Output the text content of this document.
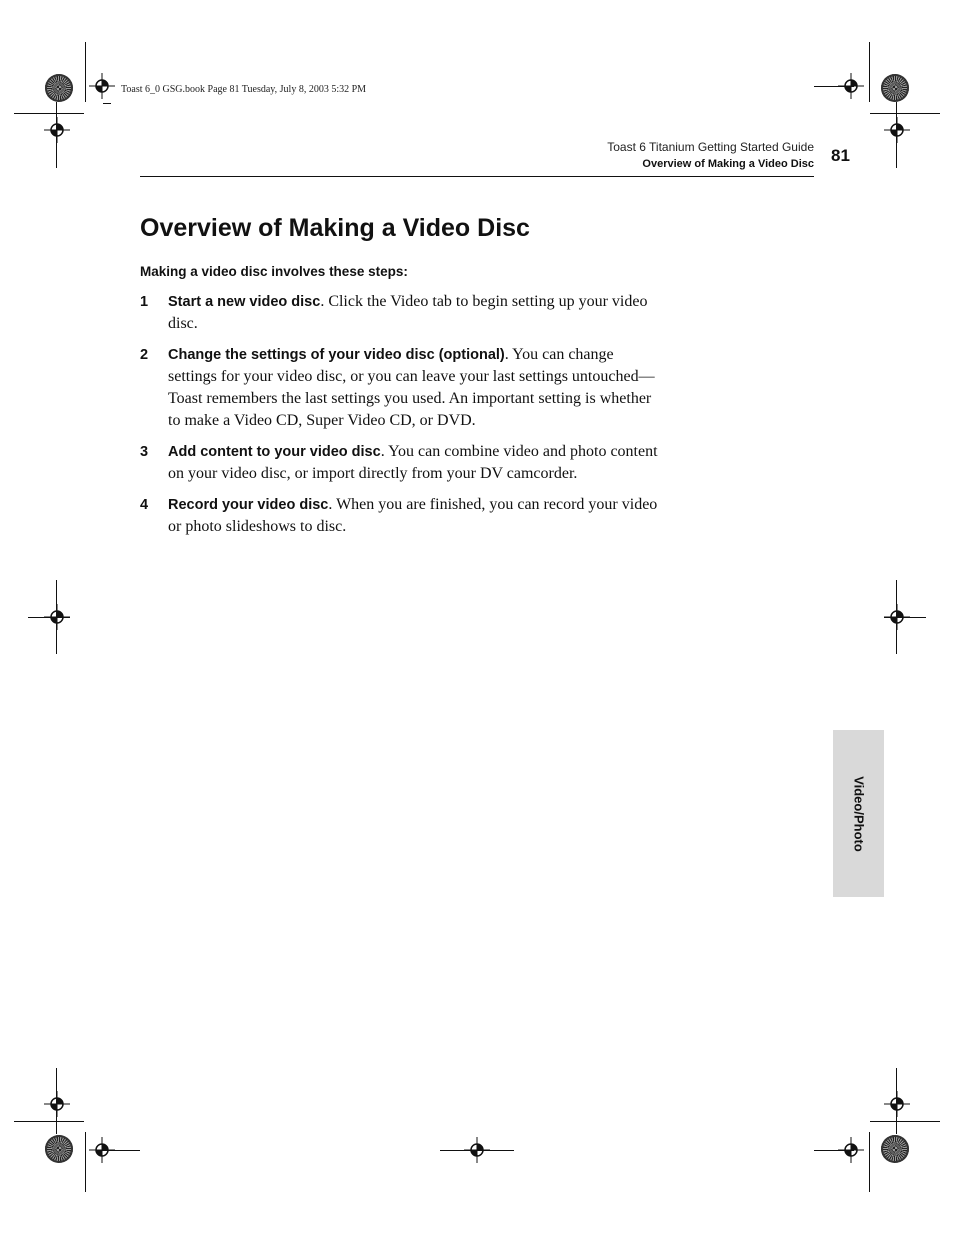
Toast 6_0 GSG.book Page 81 Tuesday, July 8, 2003 5:32 PM
Toast 6 Titanium Getting Started Guide
Overview of Making a Video Disc 81
Overview of Making a Video Disc
Making a video disc involves these steps:
1 Start a new video disc. Click the Video tab to begin setting up your video disc.
2 Change the settings of your video disc (optional). You can change settings for your video disc, or you can leave your last settings untouched—Toast remembers the last settings you used. An important setting is whether to make a Video CD, Super Video CD, or DVD.
3 Add content to your video disc. You can combine video and photo content on your video disc, or import directly from your DV camcorder.
4 Record your video disc. When you are finished, you can record your video or photo slideshows to disc.
Video/Photo
